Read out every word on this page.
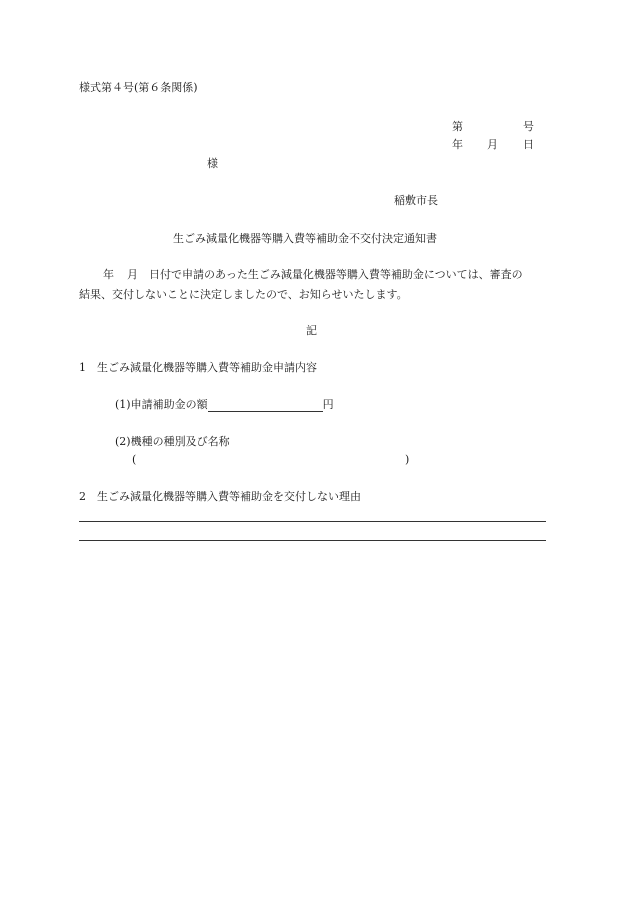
様式第４号(第６条関係)
第	号
年 月 日
様
稲敷市長
生ごみ減量化機器等購入費等補助金不交付決定通知書
年 月 日付で申請のあった生ごみ減量化機器等購入費等補助金については、審査の
結果、交付しないことに決定しましたので、お知らせいたします。
記
1 生ごみ減量化機器等購入費等補助金申請内容
(1)申請補助金の額	円
(2)機種の種別及び名称
(	)
2 生ごみ減量化機器等購入費等補助金を交付しない理由
